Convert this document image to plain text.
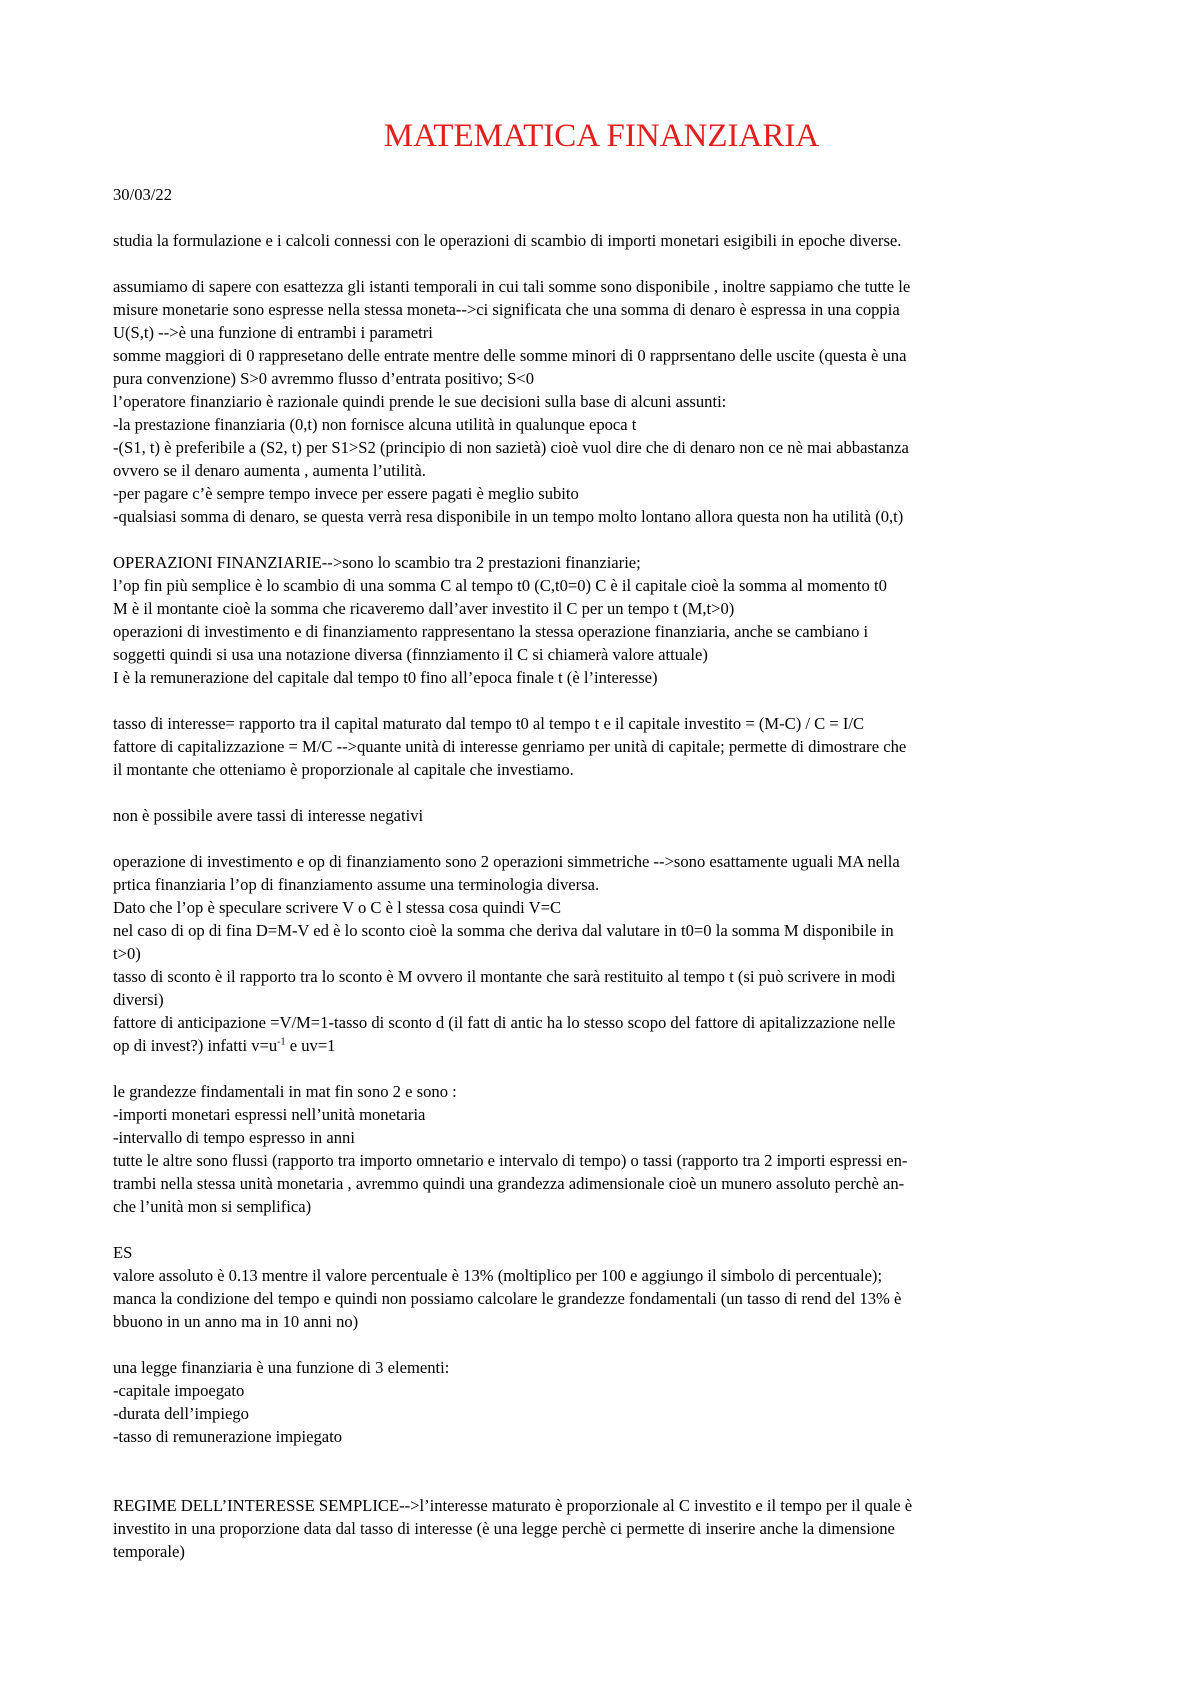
MATEMATICA FINANZIARIA
30/03/22
studia la formulazione e i calcoli connessi con le operazioni di scambio di importi monetari esigibili in epoche diverse.
assumiamo di sapere con esattezza gli istanti temporali in cui tali somme sono disponibile , inoltre sappiamo che tutte le
misure monetarie sono espresse nella stessa moneta-->ci significata che una somma di denaro è espressa in una coppia
U(S,t) -->è una funzione di entrambi i parametri
somme maggiori di 0 rappresetano delle entrate mentre delle somme minori di 0 rapprsentano delle uscite (questa è una
pura convenzione) S>0 avremmo flusso d’entrata positivo; S<0
l’operatore finanziario è razionale quindi prende le sue decisioni sulla base di alcuni assunti:
-la prestazione finanziaria (0,t) non fornisce alcuna utilità in qualunque epoca t
-(S1, t) è preferibile a (S2, t) per S1>S2 (principio di non sazietà) cioè vuol dire che di denaro non ce nè mai abbastanza
ovvero se il denaro aumenta , aumenta l’utilità.
-per pagare c’è sempre tempo invece per essere pagati è meglio subito
-qualsiasi somma di denaro, se questa verrà resa disponibile in un tempo molto lontano allora questa non ha utilità (0,t)
OPERAZIONI FINANZIARIE-->sono lo scambio tra 2 prestazioni finanziarie;
l’op fin più semplice è lo scambio di una somma C al tempo t0 (C,t0=0) C è il capitale cioè la somma al momento t0
M è il montante cioè la somma che ricaveremo dall’aver investito il C per un tempo t (M,t>0)
operazioni di investimento e di finanziamento rappresentano la stessa operazione finanziaria, anche se cambiano i
soggetti quindi si usa una notazione diversa (finnziamento il C si chiamerà valore attuale)
I è la remunerazione del capitale dal tempo t0 fino all’epoca finale t (è l’interesse)
tasso di interesse= rapporto tra il capital maturato dal tempo t0 al tempo t e il capitale investito = (M-C) / C = I/C
fattore di capitalizzazione = M/C -->quante unità di interesse genriamo per unità di capitale; permette di dimostrare che
il montante che otteniamo è proporzionale al capitale che investiamo.
non è possibile avere tassi di interesse negativi
operazione di investimento e op di finanziamento sono 2 operazioni simmetriche -->sono esattamente uguali MA nella
prtica finanziaria l’op di finanziamento assume una terminologia diversa.
Dato che l’op è speculare scrivere V o C è l stessa cosa quindi V=C
nel caso di op di fina D=M-V ed è lo sconto cioè la somma che deriva dal valutare in t0=0 la somma M disponibile in
t>0)
tasso di sconto è il rapporto tra lo sconto è M ovvero il montante che sarà restituito al tempo t (si può scrivere in modi
diversi)
fattore di anticipazione =V/M=1-tasso di sconto d (il fatt di antic ha lo stesso scopo del fattore di apitalizzazione nelle
op di invest?) infatti $v=u^{-1}$ e uv=1
le grandezze findamentali in mat fin sono 2 e sono :
-importi monetari espressi nell’unità monetaria
-intervallo di tempo espresso in anni
tutte le altre sono flussi (rapporto tra importo omnetario e intervalo di tempo) o tassi (rapporto tra 2 importi espressi en-
trambi nella stessa unità monetaria , avremmo quindi una grandezza adimensionale cioè un munero assoluto perchè an-
che l’unità mon si semplifica)
ES
valore assoluto è 0.13 mentre il valore percentuale è 13% (moltiplico per 100 e aggiungo il simbolo di percentuale);
manca la condizione del tempo e quindi non possiamo calcolare le grandezze fondamentali (un tasso di rend del 13% è
bbuono in un anno ma in 10 anni no)
una legge finanziaria è una funzione di 3 elementi:
-capitale impoegato
-durata dell’impiego
-tasso di remunerazione impiegato
REGIME DELL’INTERESSE SEMPLICE-->l’interesse maturato è proporzionale al C investito e il tempo per il quale è
investito in una proporzione data dal tasso di interesse (è una legge perchè ci permette di inserire anche la dimensione
temporale)
